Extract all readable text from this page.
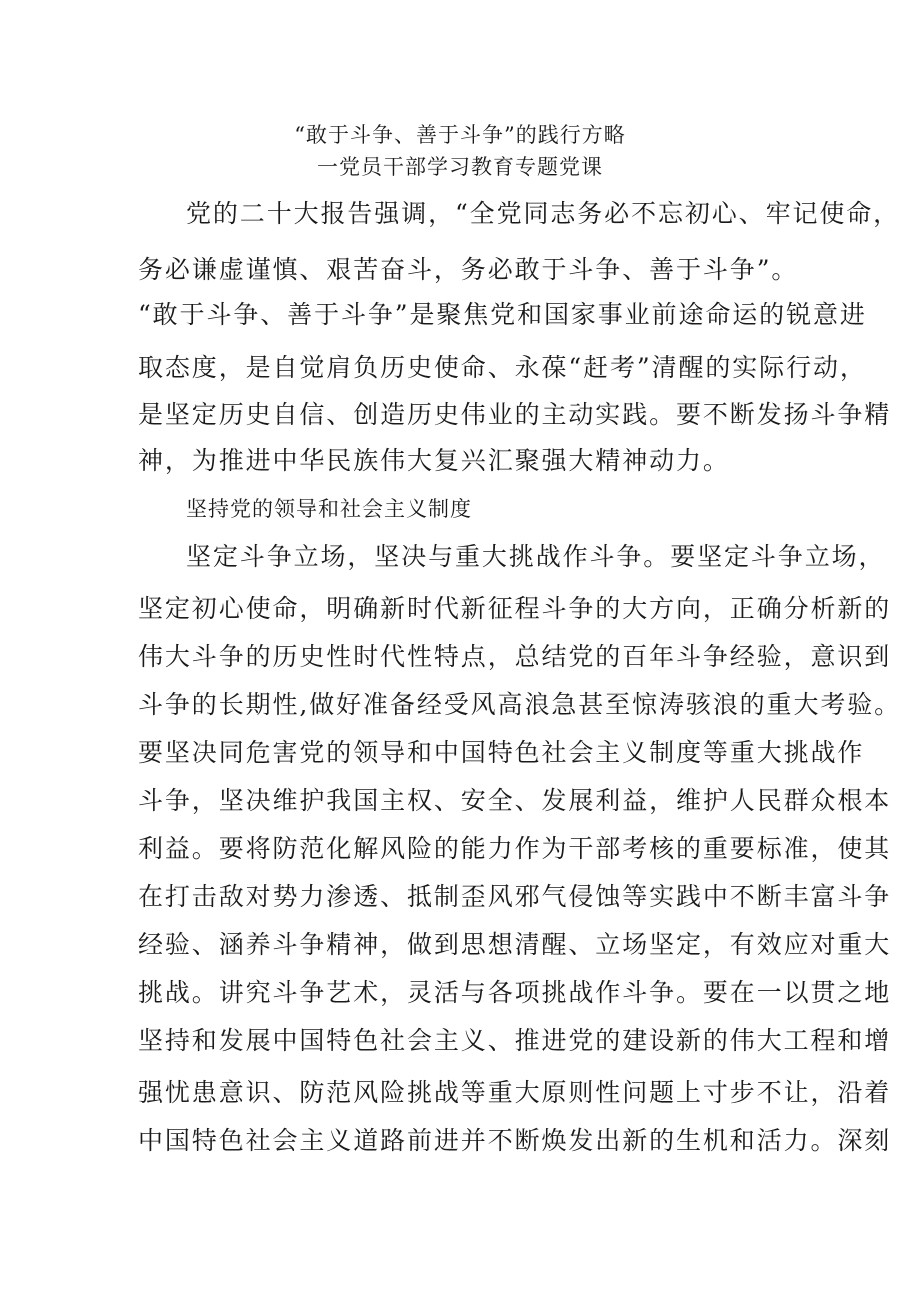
“敢于斗争、善于斗争”的践行方略
一党员干部学习教育专题党课
党的二十大报告强调，“全党同志务必不忘初心、牢记使命，
务必谦虚谨慎、艰苦奋斗，务必敢于斗争、善于斗争”。
“敢于斗争、善于斗争”是聚焦党和国家事业前途命运的锐意进
取态度，是自觉肩负历史使命、永葆“赶考”清醒的实际行动，
是坚定历史自信、创造历史伟业的主动实践。要不断发扬斗争精
神，为推进中华民族伟大复兴汇聚强大精神动力。
坚持党的领导和社会主义制度
坚定斗争立场，坚决与重大挑战作斗争。要坚定斗争立场，
坚定初心使命，明确新时代新征程斗争的大方向，正确分析新的
伟大斗争的历史性时代性特点，总结党的百年斗争经验，意识到
斗争的长期性,做好准备经受风高浪急甚至惊涛骇浪的重大考验。
要坚决同危害党的领导和中国特色社会主义制度等重大挑战作
斗争，坚决维护我国主权、安全、发展利益，维护人民群众根本
利益。要将防范化解风险的能力作为干部考核的重要标准，使其
在打击敌对势力渗透、抵制歪风邪气侵蚀等实践中不断丰富斗争
经验、涵养斗争精神，做到思想清醒、立场坚定，有效应对重大
挑战。讲究斗争艺术，灵活与各项挑战作斗争。要在一以贯之地
坚持和发展中国特色社会主义、推进党的建设新的伟大工程和增
强忧患意识、防范风险挑战等重大原则性问题上寸步不让，沿着
中国特色社会主义道路前进并不断焕发出新的生机和活力。深刻
